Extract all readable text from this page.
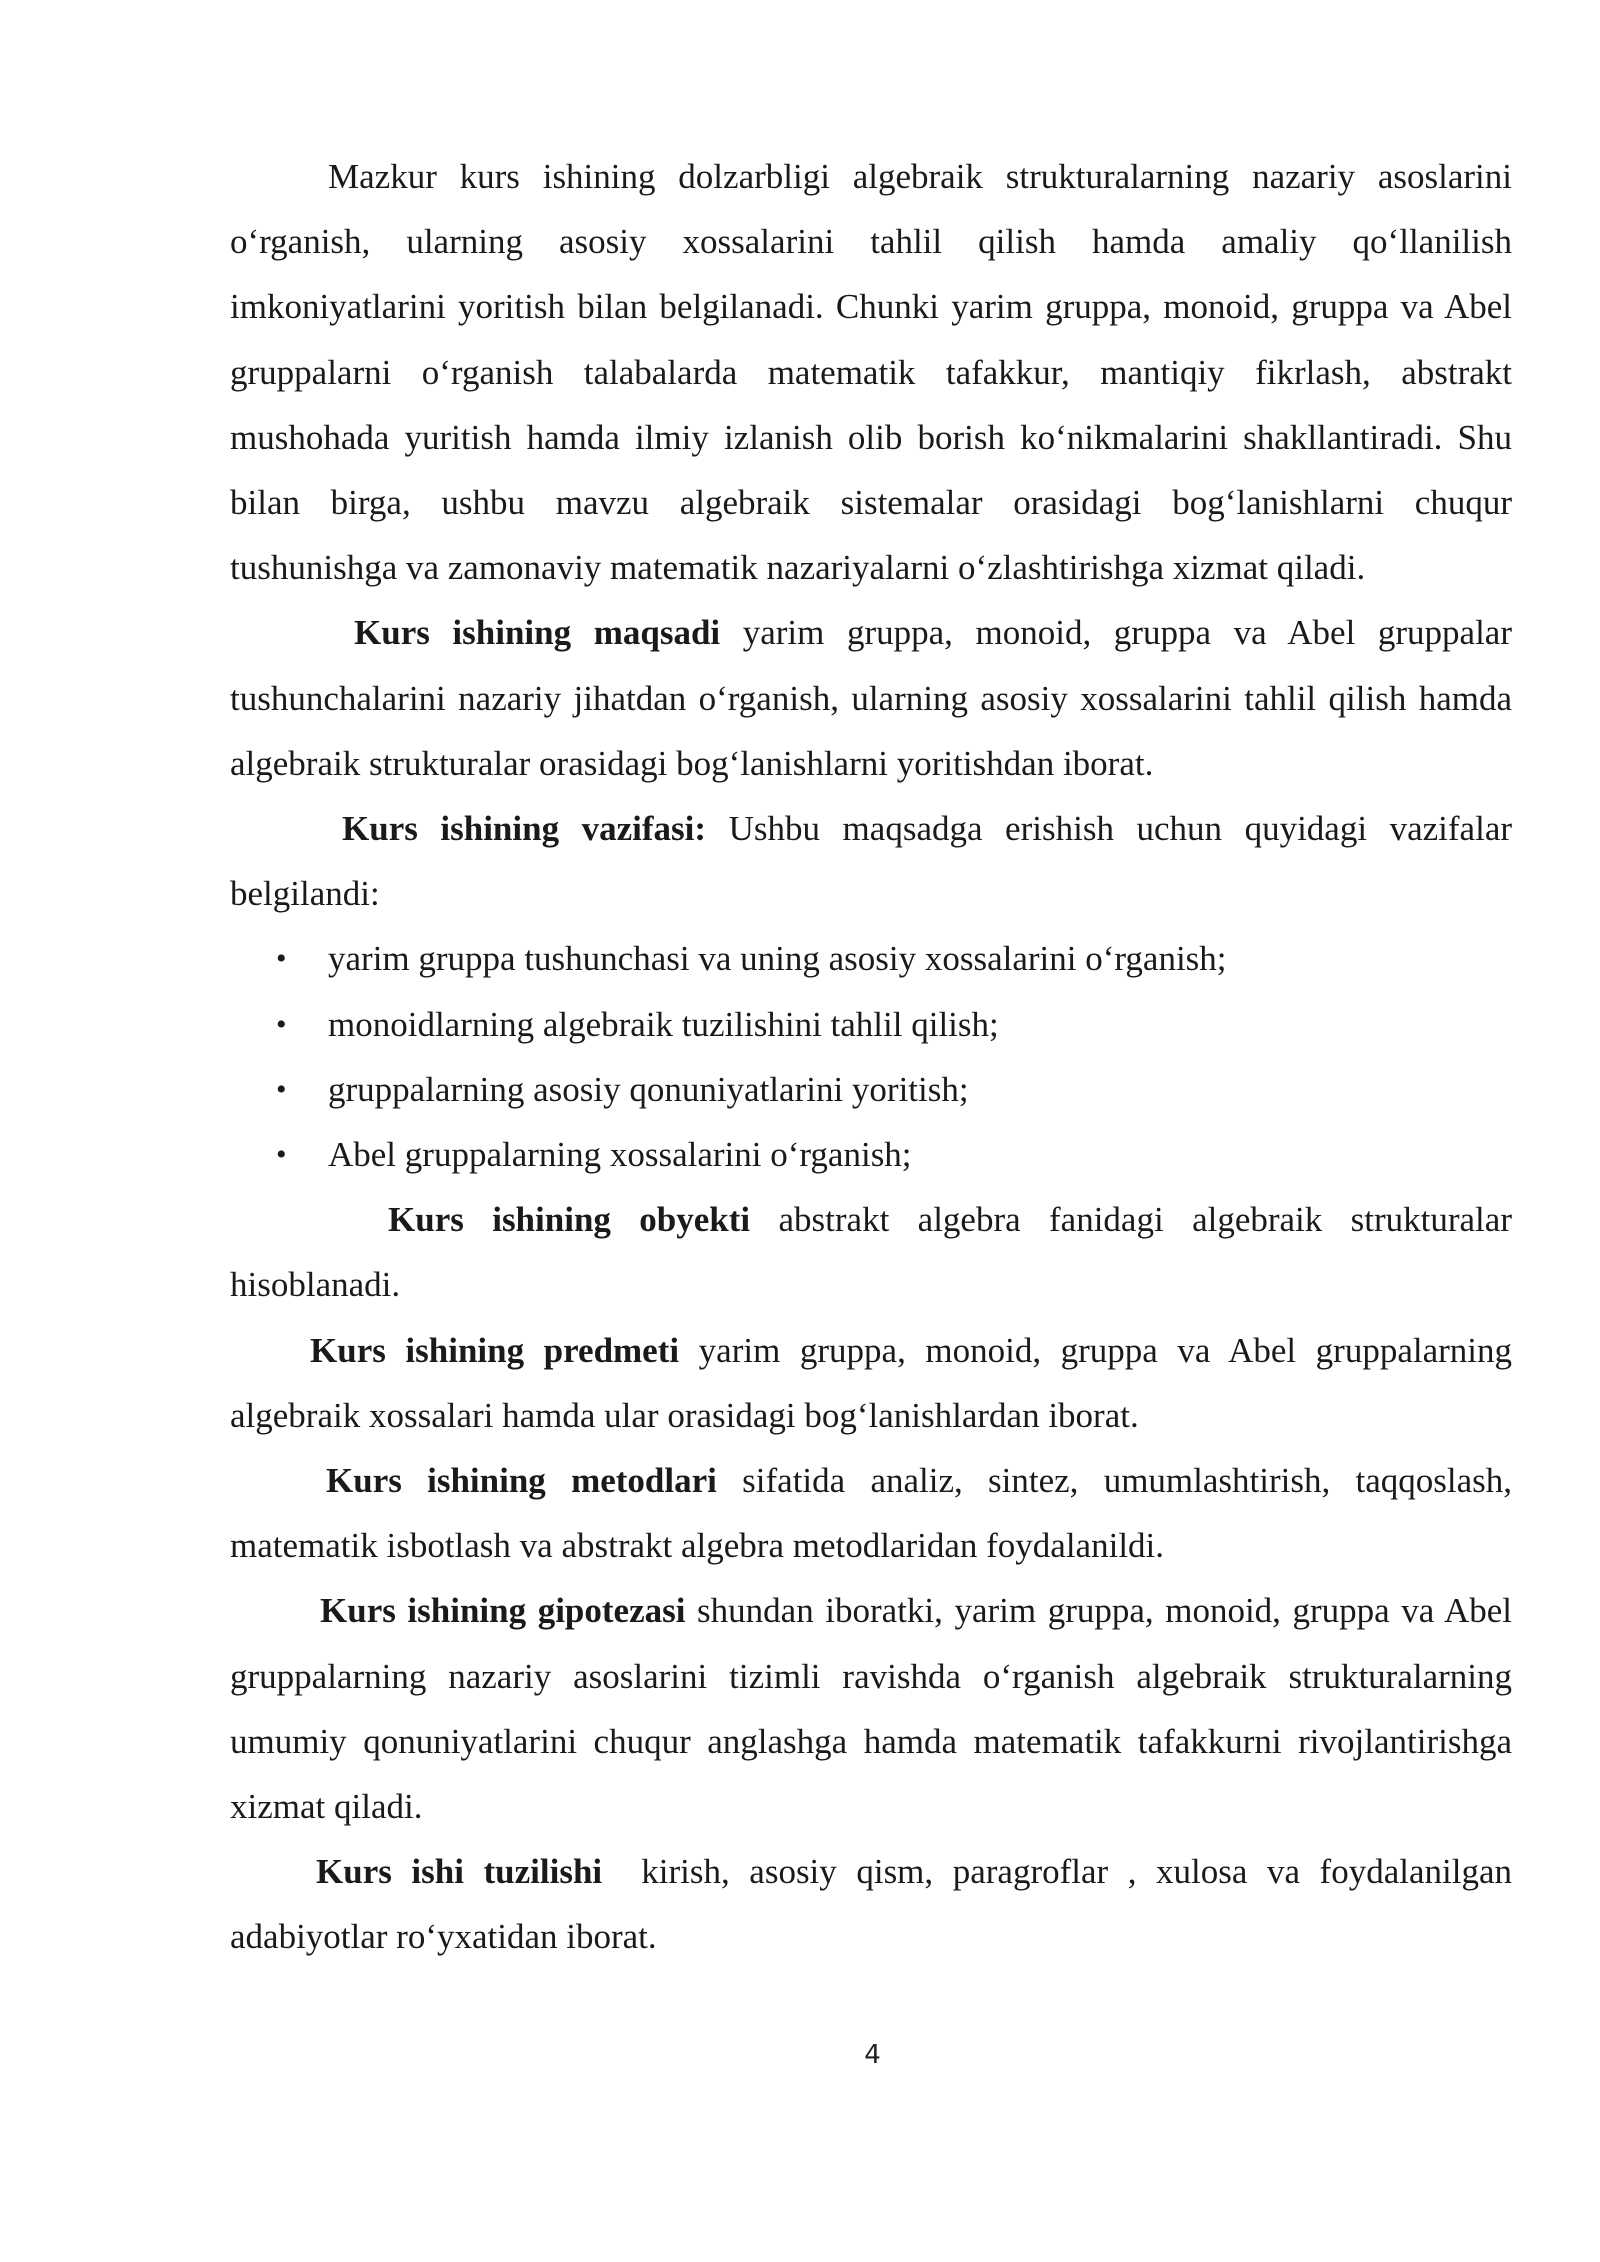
Mazkur kurs ishining dolzarbligi algebraik strukturalarning nazariy asoslarini o‘rganish, ularning asosiy xossalarini tahlil qilish hamda amaliy qo‘llanilish imkoniyatlarini yoritish bilan belgilanadi. Chunki yarim gruppa, monoid, gruppa va Abel gruppalarni o‘rganish talabalarda matematik tafakkur, mantiqiy fikrlash, abstrakt mushohada yuritish hamda ilmiy izlanish olib borish ko‘nikmalarini shakllantiradi. Shu bilan birga, ushbu mavzu algebraik sistemalar orasidagi bog‘lanishlarni chuqur tushunishga va zamonaviy matematik nazariyalarni o‘zlashtirishga xizmat qiladi.

Kurs ishining maqsadi yarim gruppa, monoid, gruppa va Abel gruppalar tushunchalarini nazariy jihatdan o‘rganish, ularning asosiy xossalarini tahlil qilish hamda algebraik strukturalar orasidagi bog‘lanishlarni yoritishdan iborat.

Kurs ishining vazifasi: Ushbu maqsadga erishish uchun quyidagi vazifalar belgilandi:

• yarim gruppa tushunchasi va uning asosiy xossalarini o‘rganish;
• monoidlarning algebraik tuzilishini tahlil qilish;
• gruppalarning asosiy qonuniyatlarini yoritish;
• Abel gruppalarning xossalarini o‘rganish;

Kurs ishining obyekti abstrakt algebra fanidagi algebraik strukturalar hisoblanadi.

Kurs ishining predmeti yarim gruppa, monoid, gruppa va Abel gruppalarning algebraik xossalari hamda ular orasidagi bog‘lanishlardan iborat.

Kurs ishining metodlari sifatida analiz, sintez, umumlashtirish, taqqoslash, matematik isbotlash va abstrakt algebra metodlaridan foydalanildi.

Kurs ishining gipotezasi shundan iboratki, yarim gruppa, monoid, gruppa va Abel gruppalarning nazariy asoslarini tizimli ravishda o‘rganish algebraik strukturalarning umumiy qonuniyatlarini chuqur anglashga hamda matematik tafakkurni rivojlantirishga xizmat qiladi.

Kurs ishi tuzilishi  kirish, asosiy qism, paragroflar , xulosa va foydalanilgan adabiyotlar ro‘yxatidan iborat.

4
